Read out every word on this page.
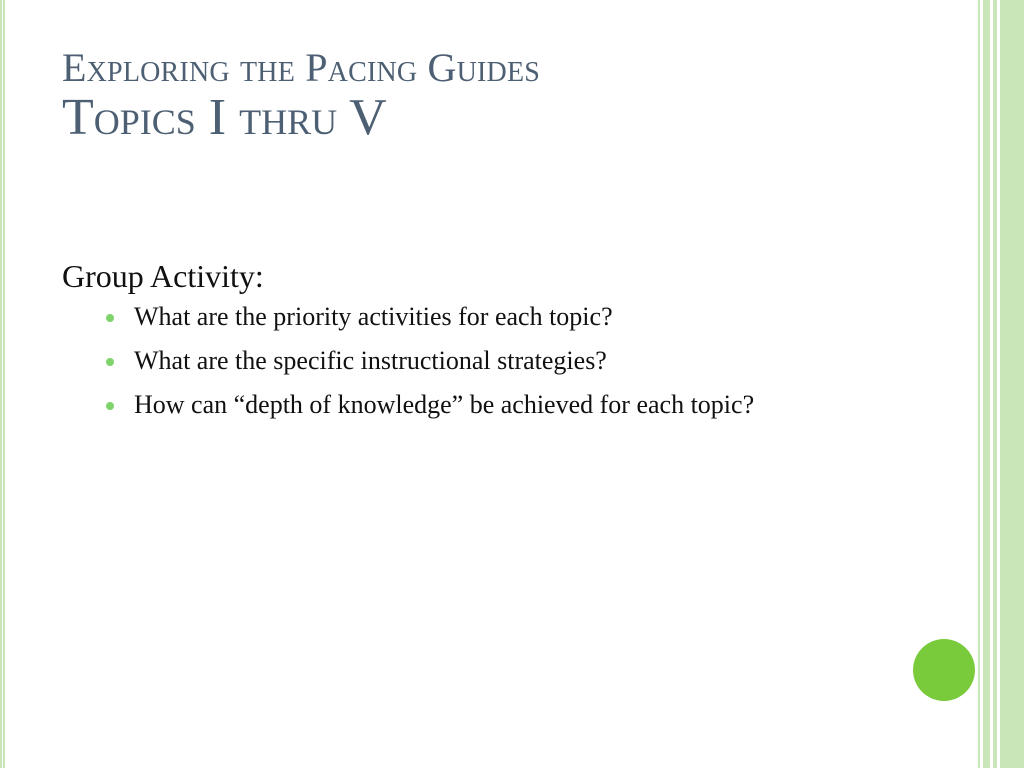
Exploring the Pacing Guides
Topics I thru V
Group Activity:
What are the priority activities for each topic?
What are the specific instructional strategies?
How can “depth of knowledge” be achieved for each topic?
